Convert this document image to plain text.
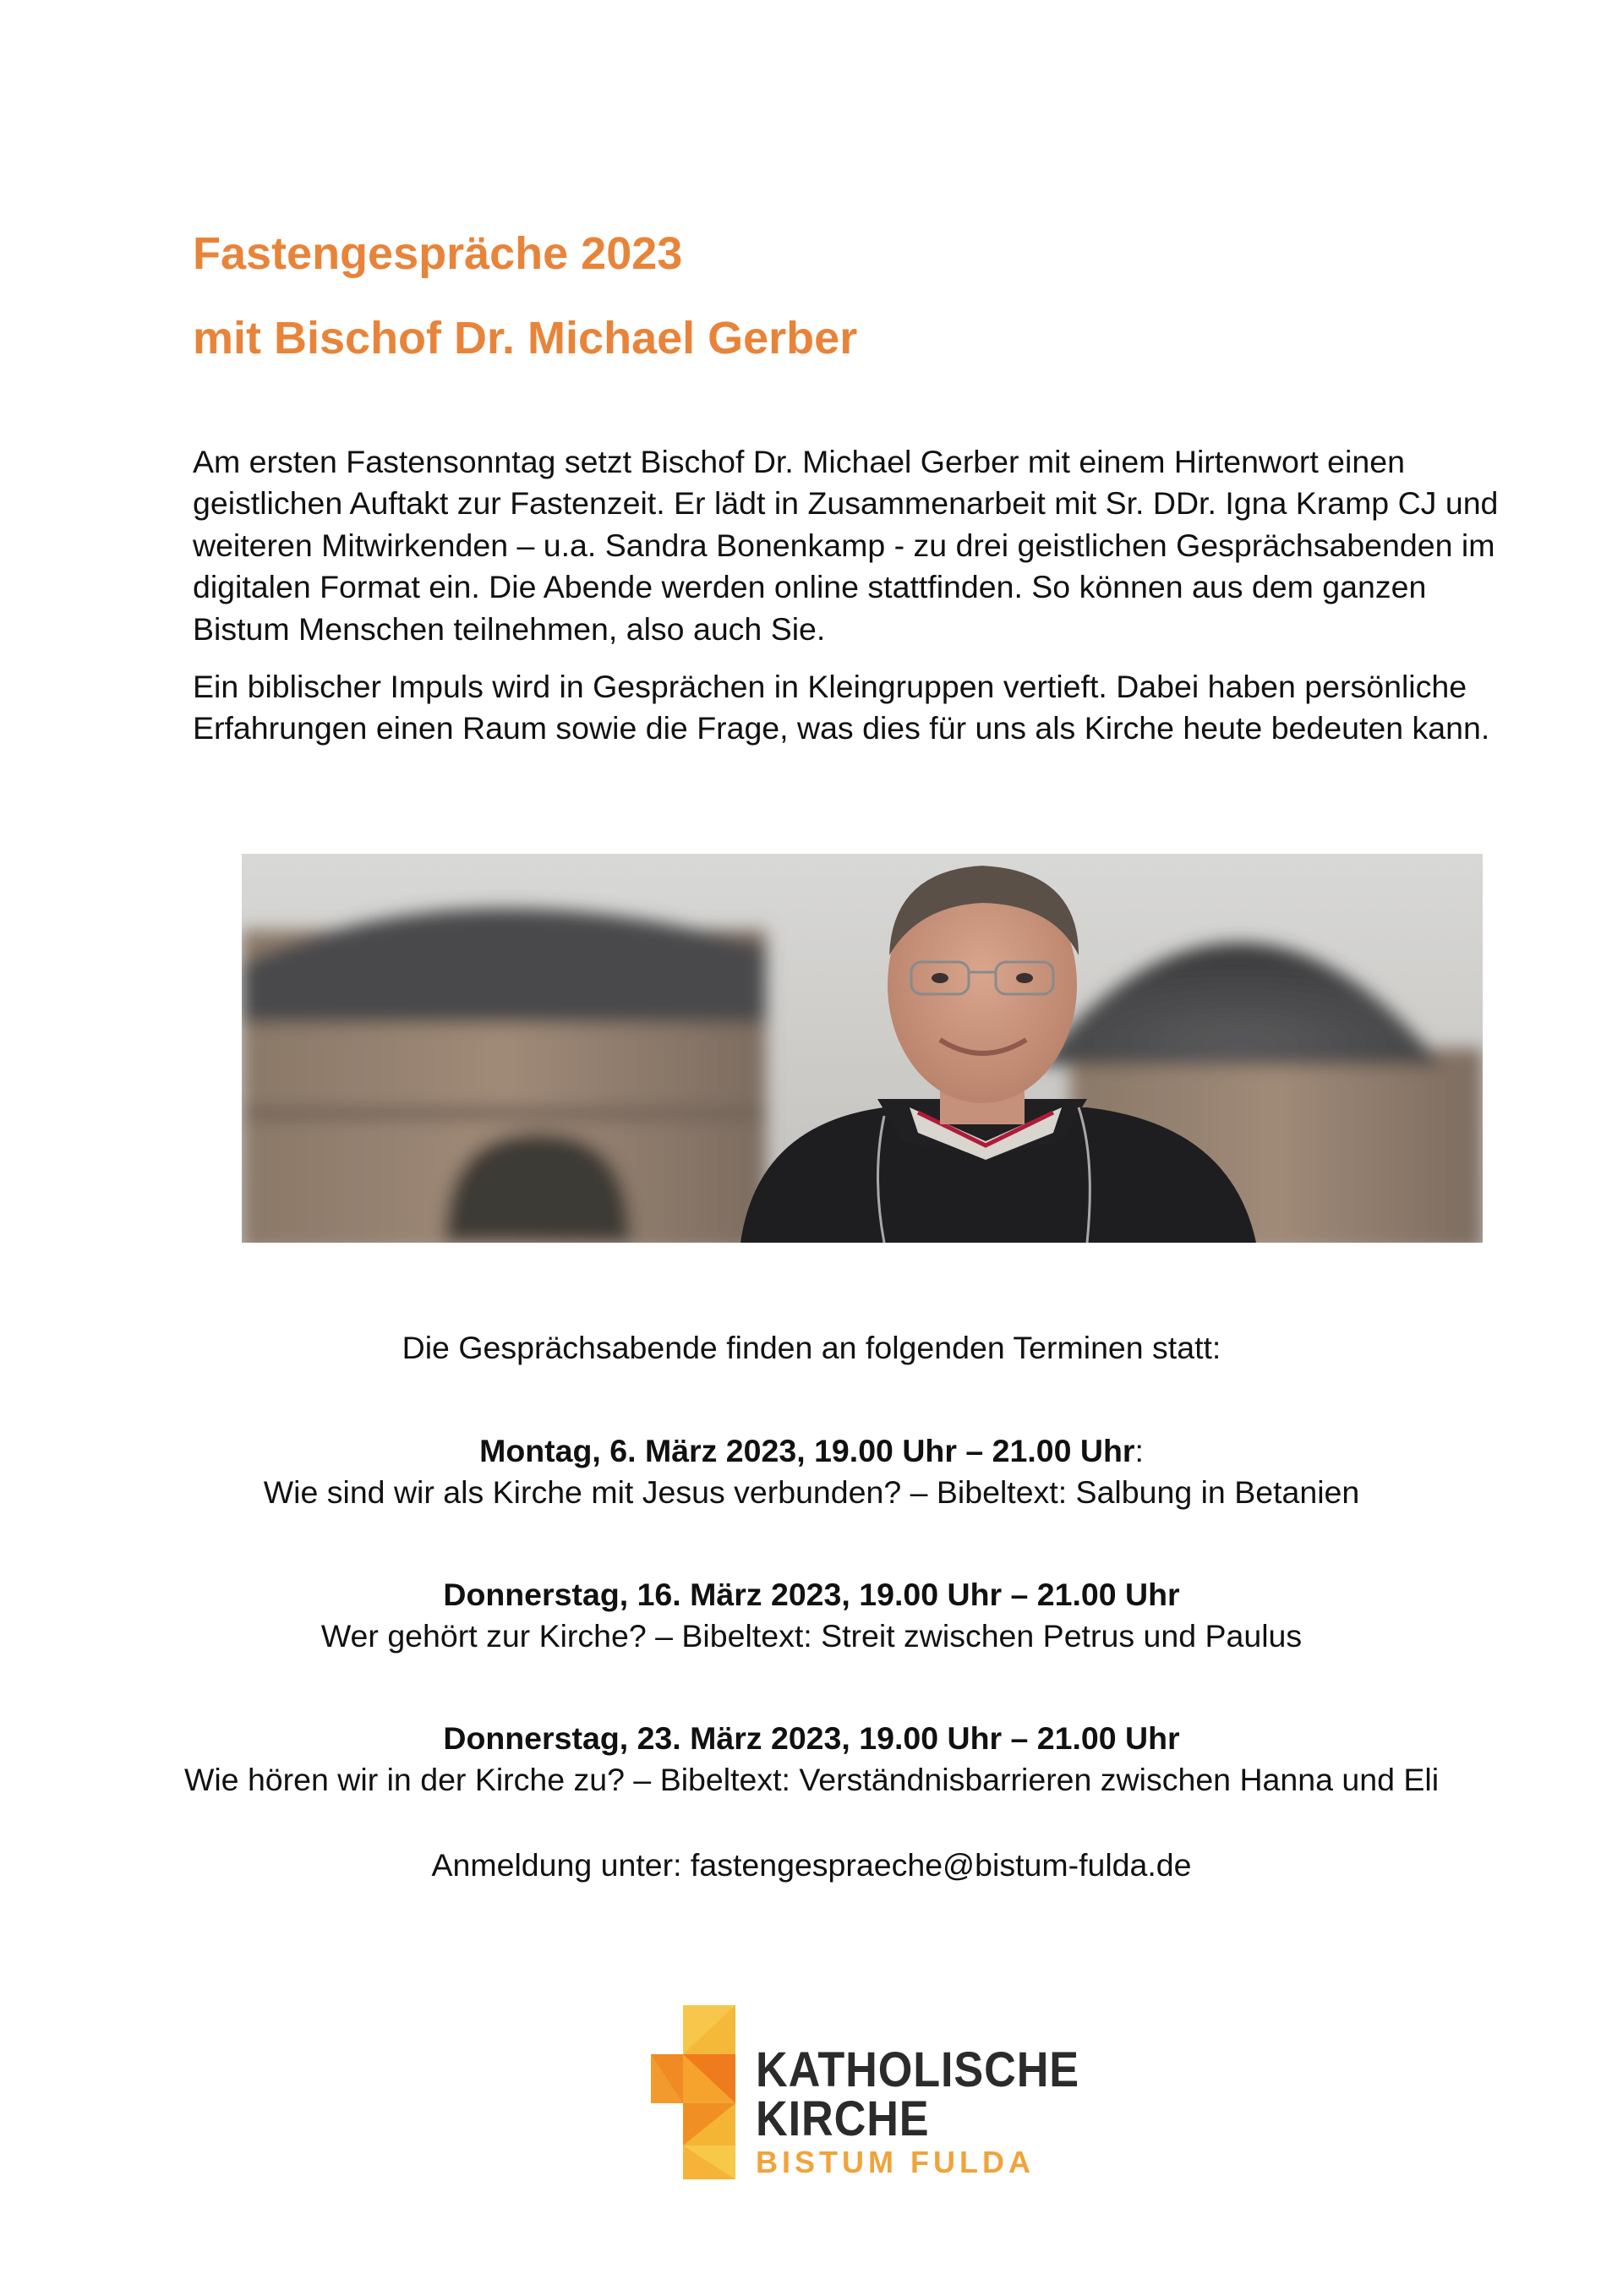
Fastengespräche 2023
mit Bischof Dr. Michael Gerber

Am ersten Fastensonntag setzt Bischof Dr. Michael Gerber mit einem Hirtenwort einen geistlichen Auftakt zur Fastenzeit. Er lädt in Zusammenarbeit mit Sr. DDr. Igna Kramp CJ und weiteren Mitwirkenden – u.a. Sandra Bonenkamp - zu drei geistlichen Gesprächsabenden im digitalen Format ein. Die Abende werden online stattfinden. So können aus dem ganzen Bistum Menschen teilnehmen, also auch Sie.

Ein biblischer Impuls wird in Gesprächen in Kleingruppen vertieft. Dabei haben persönliche Erfahrungen einen Raum sowie die Frage, was dies für uns als Kirche heute bedeuten kann.

Die Gesprächsabende finden an folgenden Terminen statt:

Montag, 6. März 2023, 19.00 Uhr – 21.00 Uhr:

Wie sind wir als Kirche mit Jesus verbunden? – Bibeltext: Salbung in Betanien

Donnerstag, 16. März 2023, 19.00 Uhr – 21.00 Uhr

Wer gehört zur Kirche? – Bibeltext: Streit zwischen Petrus und Paulus

Donnerstag, 23. März 2023, 19.00 Uhr – 21.00 Uhr

Wie hören wir in der Kirche zu? – Bibeltext: Verständnisbarrieren zwischen Hanna und Eli

Anmeldung unter: fastengespraeche@bistum-fulda.de

KATHOLISCHE
KIRCHE
BISTUM FULDA
